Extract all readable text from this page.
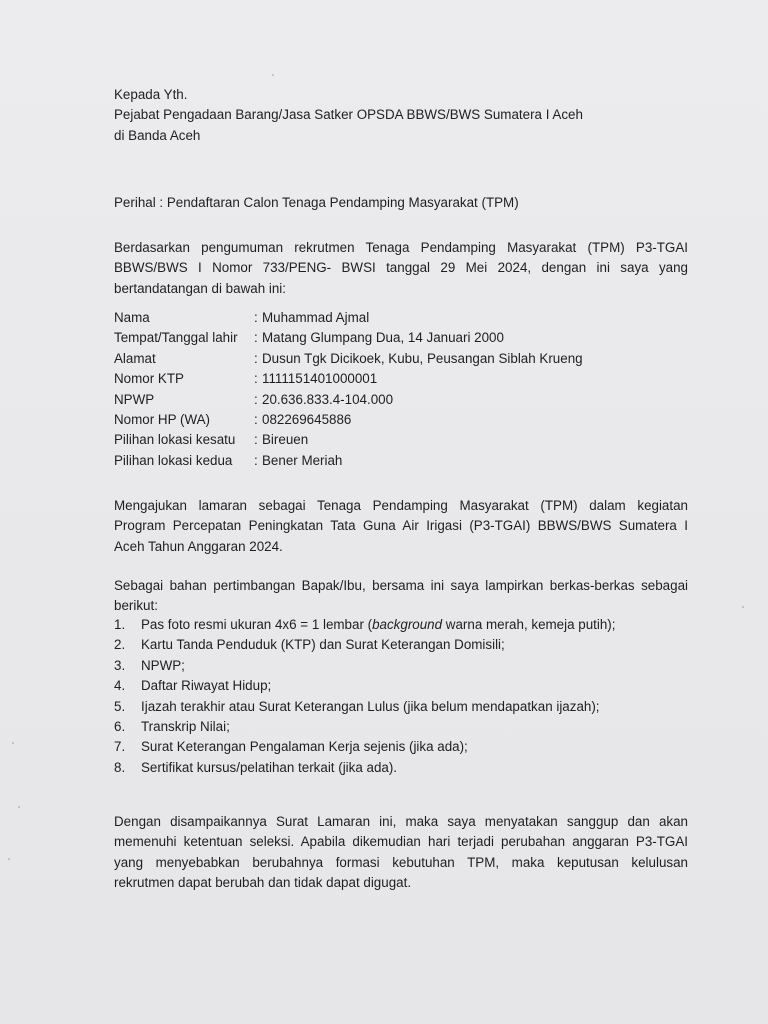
Kepada Yth.
Pejabat Pengadaan Barang/Jasa Satker OPSDA BBWS/BWS Sumatera I Aceh
di Banda Aceh
Perihal : Pendaftaran Calon Tenaga Pendamping Masyarakat (TPM)
Berdasarkan pengumuman rekrutmen Tenaga Pendamping Masyarakat (TPM) P3-TGAI
BBWS/BWS I Nomor 733/PENG- BWSI tanggal 29 Mei 2024, dengan ini saya yang
bertandatangan di bawah ini:
Nama	: Muhammad Ajmal
Tempat/Tanggal lahir	: Matang Glumpang Dua, 14 Januari 2000
Alamat	: Dusun Tgk Dicikoek, Kubu, Peusangan Siblah Krueng
Nomor KTP	: 1111151401000001
NPWP	: 20.636.833.4-104.000
Nomor HP (WA)	: 082269645886
Pilihan lokasi kesatu	: Bireuen
Pilihan lokasi kedua	: Bener Meriah
Mengajukan lamaran sebagai Tenaga Pendamping Masyarakat (TPM) dalam kegiatan
Program Percepatan Peningkatan Tata Guna Air Irigasi (P3-TGAI) BBWS/BWS Sumatera I
Aceh Tahun Anggaran 2024.
Sebagai bahan pertimbangan Bapak/Ibu, bersama ini saya lampirkan berkas-berkas sebagai
berikut:
1.	Pas foto resmi ukuran 4x6 = 1 lembar (background warna merah, kemeja putih);
2.	Kartu Tanda Penduduk (KTP) dan Surat Keterangan Domisili;
3.	NPWP;
4.	Daftar Riwayat Hidup;
5.	Ijazah terakhir atau Surat Keterangan Lulus (jika belum mendapatkan ijazah);
6.	Transkrip Nilai;
7.	Surat Keterangan Pengalaman Kerja sejenis (jika ada);
8.	Sertifikat kursus/pelatihan terkait (jika ada).
Dengan disampaikannya Surat Lamaran ini, maka saya menyatakan sanggup dan akan
memenuhi ketentuan seleksi. Apabila dikemudian hari terjadi perubahan anggaran P3-TGAI
yang menyebabkan berubahnya formasi kebutuhan TPM, maka keputusan kelulusan
rekrutmen dapat berubah dan tidak dapat digugat.
